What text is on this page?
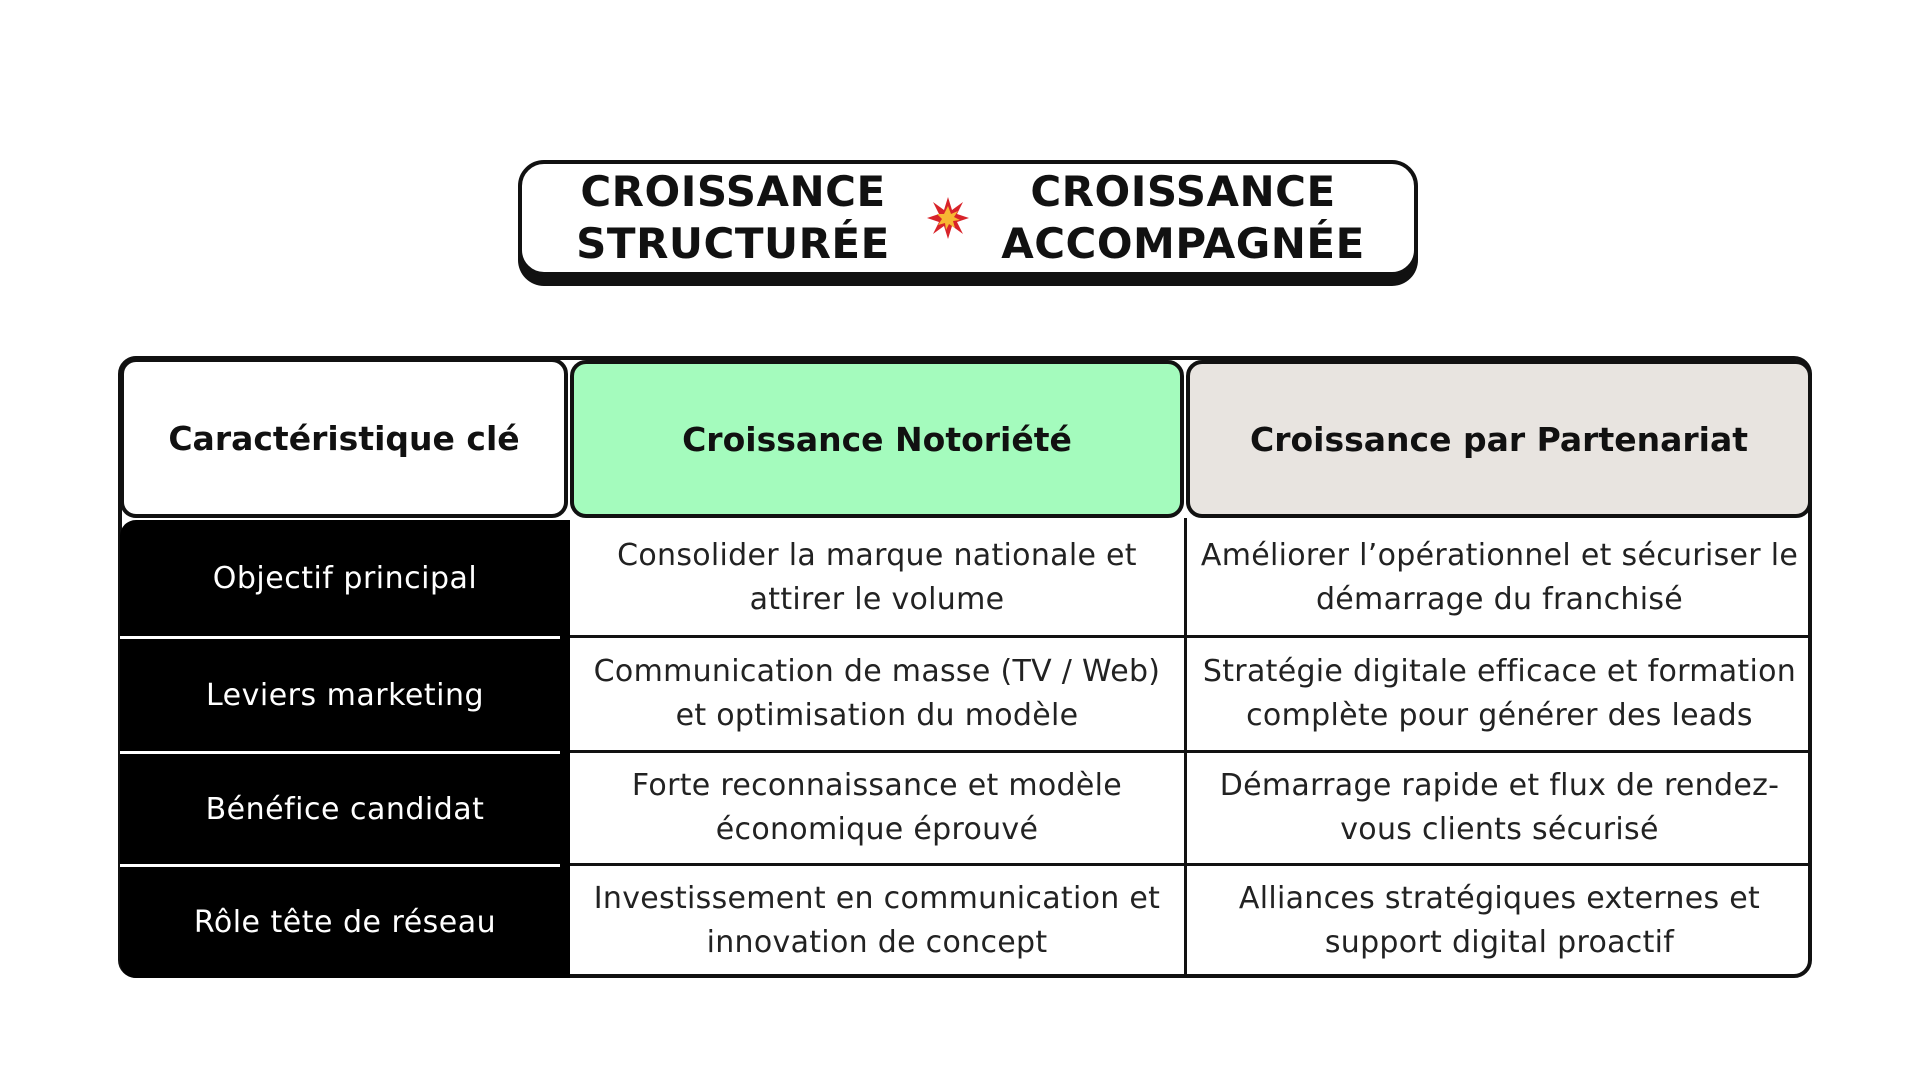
CROISSANCE
STRUCTURÉE
CROISSANCE
ACCOMPAGNÉE
Caractéristique clé	Croissance Notoriété	Croissance par Partenariat
Objectif principal
Leviers marketing
Bénéfice candidat
Rôle tête de réseau
Consolider la marque nationale et attirer le volume
Améliorer l’opérationnel et sécuriser le démarrage du franchisé
Communication de masse (TV / Web) et optimisation du modèle
Stratégie digitale efficace et formation complète pour générer des leads
Forte reconnaissance et modèle économique éprouvé
Démarrage rapide et flux de rendez-vous clients sécurisé
Investissement en communication et innovation de concept
Alliances stratégiques externes et support digital proactif
